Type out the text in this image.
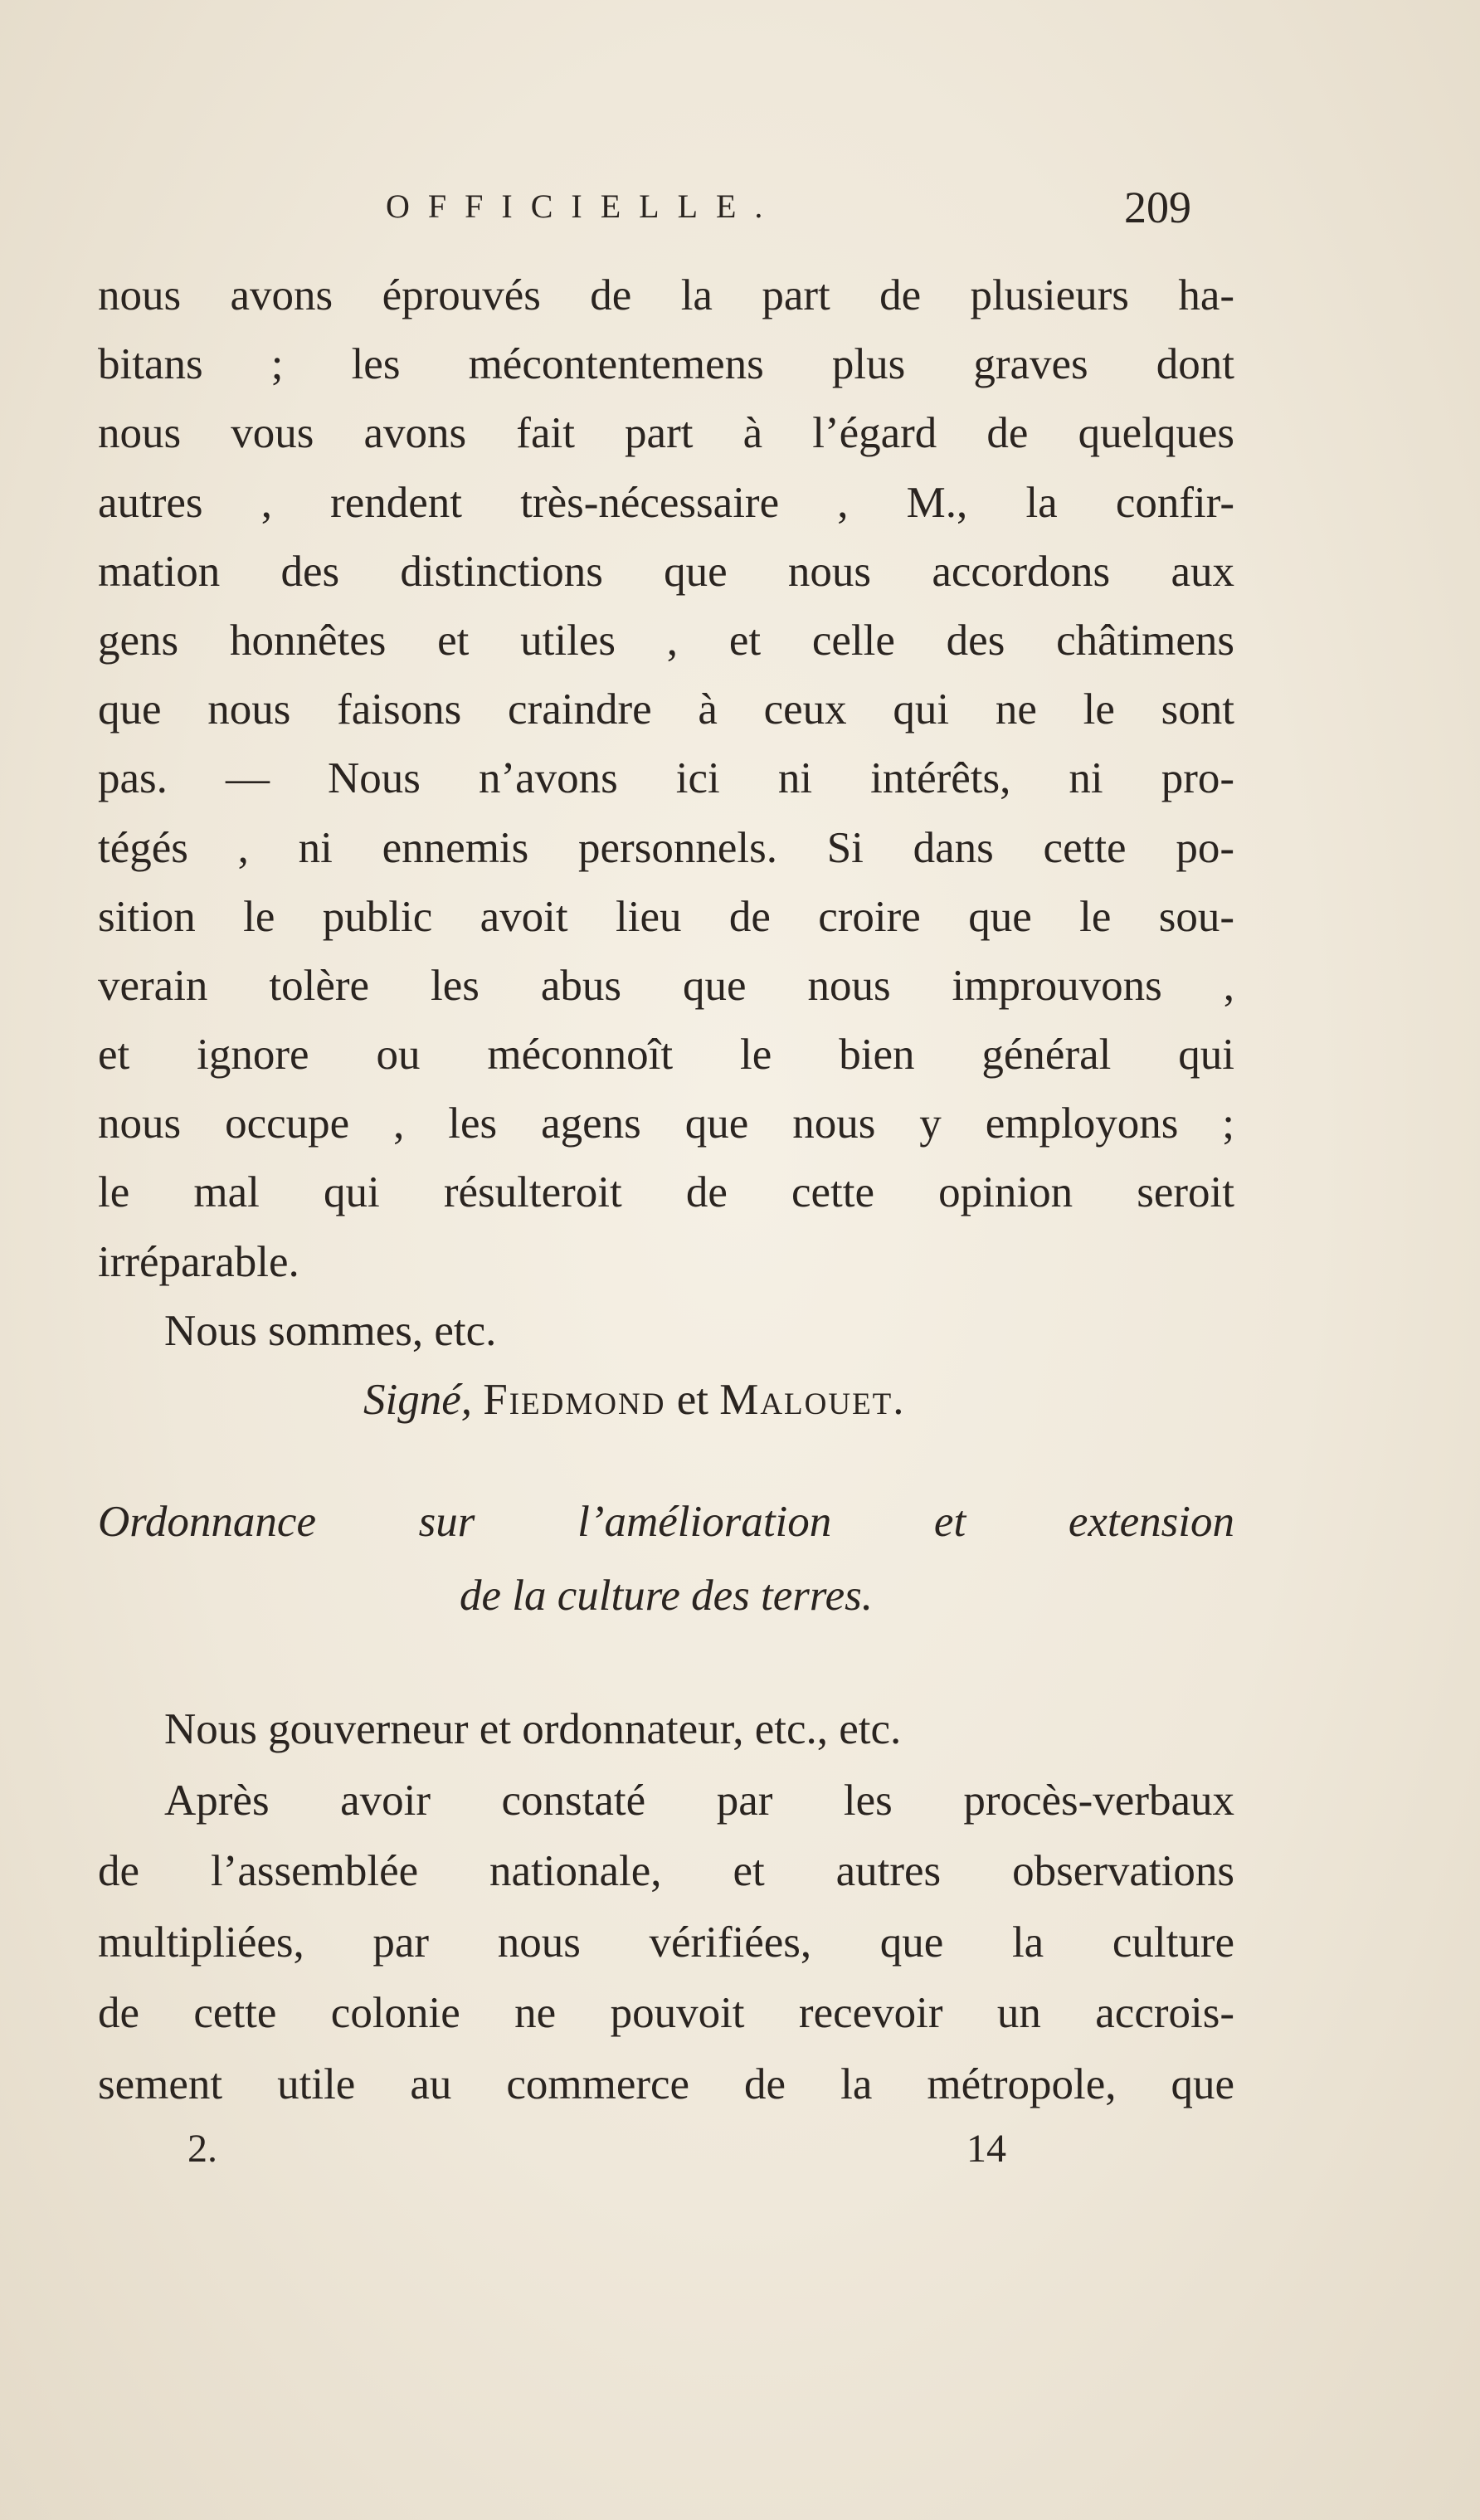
OFFICIELLE.	209
nous avons éprouvés de la part de plusieurs ha-
bitans ; les mécontentemens plus graves dont
nous vous avons fait part à l’égard de quelques
autres , rendent très-nécessaire , M., la confir-
mation des distinctions que nous accordons aux
gens honnêtes et utiles , et celle des châtimens
que nous faisons craindre à ceux qui ne le sont
pas. — Nous n’avons ici ni intérêts, ni pro-
tégés , ni ennemis personnels. Si dans cette po-
sition le public avoit lieu de croire que le sou-
verain tolère les abus que nous improuvons ,
et ignore ou méconnoît le bien général qui
nous occupe , les agens que nous y employons ;
le mal qui résulteroit de cette opinion seroit
irréparable.
Nous sommes, etc.
Signé, Fiedmond et Malouet.
Ordonnance sur l’amélioration et extension
de la culture des terres.
Nous gouverneur et ordonnateur, etc., etc.
Après avoir constaté par les procès-verbaux
de l’assemblée nationale, et autres observations
multipliées, par nous vérifiées, que la culture
de cette colonie ne pouvoit recevoir un accrois-
sement utile au commerce de la métropole, que
2.	14
